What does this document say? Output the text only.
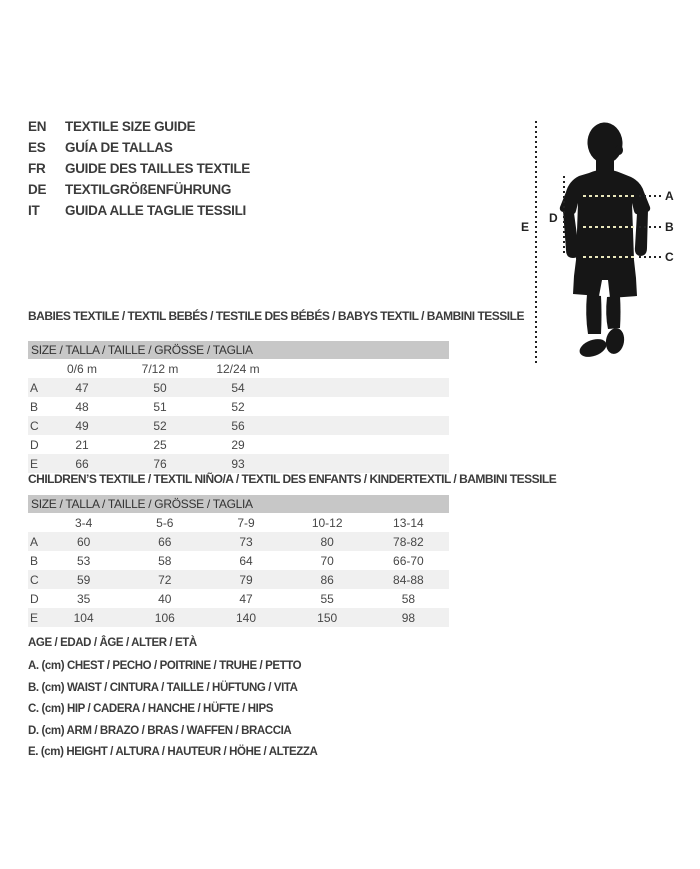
EN	TEXTILE SIZE GUIDE
ES	GUÍA DE TALLAS
FR	GUIDE DES TAILLES TEXTILE
DE	TEXTILGRÖßENFÜHRUNG
IT	GUIDA ALLE TAGLIE TESSILI
A
B
C
D
E
BABIES TEXTILE / TEXTIL BEBÉS / TESTILE DES BÉBÉS / BABYS TEXTIL / BAMBINI TESSILE
SIZE / TALLA / TAILLE / GRÖSSE / TAGLIA
	0/6 m	7/12 m	12/24 m	
A	47	50	54	
B	48	51	52	
C	49	52	56	
D	21	25	29	
E	66	76	93	
CHILDREN’S TEXTILE / TEXTIL NIÑO/A / TEXTIL DES ENFANTS / KINDERTEXTIL / BAMBINI TESSILE
SIZE / TALLA / TAILLE / GRÖSSE / TAGLIA
	3-4	5-6	7-9	10-12	13-14
A	60	66	73	80	78-82
B	53	58	64	70	66-70
C	59	72	79	86	84-88
D	35	40	47	55	58
E	104	106	140	150	98
AGE / EDAD / ÂGE / ALTER / ETÀ
A. (cm) CHEST / PECHO / POITRINE / TRUHE / PETTO
B. (cm) WAIST / CINTURA / TAILLE / HÜFTUNG / VITA
C. (cm) HIP / CADERA / HANCHE / HÜFTE / HIPS
D. (cm) ARM / BRAZO / BRAS / WAFFEN / BRACCIA
E. (cm) HEIGHT / ALTURA / HAUTEUR / HÖHE / ALTEZZA
